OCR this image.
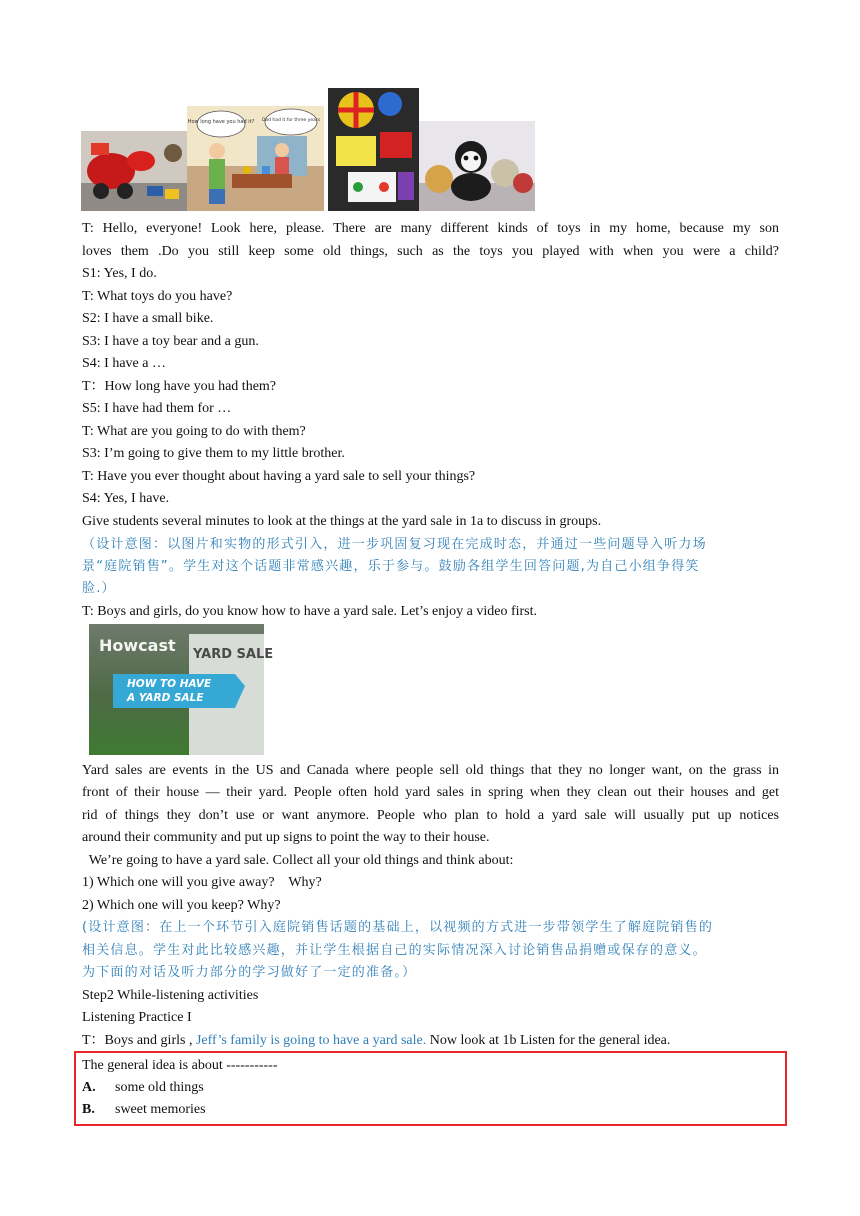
How long have you had it? Dad had it for three years
T: Hello, everyone! Look here, please. There are many different kinds of toys in my home, because my son
loves them .Do you still keep some old things, such as the toys you played with when you were a child?
S1: Yes, I do.
T: What toys do you have?
S2: I have a small bike.
S3: I have a toy bear and a gun.
S4: I have a …
T：How long have you had them?
S5: I have had them for …
T: What are you going to do with them?
S3: I’m going to give them to my little brother.
T: Have you ever thought about having a yard sale to sell your things?
S4: Yes, I have.
Give students several minutes to look at the things at the yard sale in 1a to discuss in groups.
（设计意图：以图片和实物的形式引入，进一步巩固复习现在完成时态，并通过一些问题导入听力场
景“庭院销售”。学生对这个话题非常感兴趣，乐于参与。鼓励各组学生回答问题,为自己小组争得笑
脸.）
T: Boys and girls, do you know how to have a yard sale. Let’s enjoy a video first.
YARD SALE
Howcast
HOW TO HAVE A YARD SALE
Yard sales are events in the US and Canada where people sell old things that they no longer want, on the grass in
front of their house — their yard. People often hold yard sales in spring when they clean out their houses and get
rid of things they don’t use or want anymore. People who plan to hold a yard sale will usually put up notices
around their community and put up signs to point the way to their house.
We’re going to have a yard sale. Collect all your old things and think about:
1) Which one will you give away?    Why?
2) Which one will you keep? Why?
(设计意图：在上一个环节引入庭院销售话题的基础上，以视频的方式进一步带领学生了解庭院销售的
相关信息。学生对此比较感兴趣，并让学生根据自己的实际情况深入讨论销售品捐赠或保存的意义。
为下面的对话及听力部分的学习做好了一定的准备。）
Step2 While-listening activities
Listening Practice I
T：Boys and girls , Jeff’s family is going to have a yard sale. Now look at 1b Listen for the general idea.
The general idea is about -----------
A. some old things
B. sweet memories
